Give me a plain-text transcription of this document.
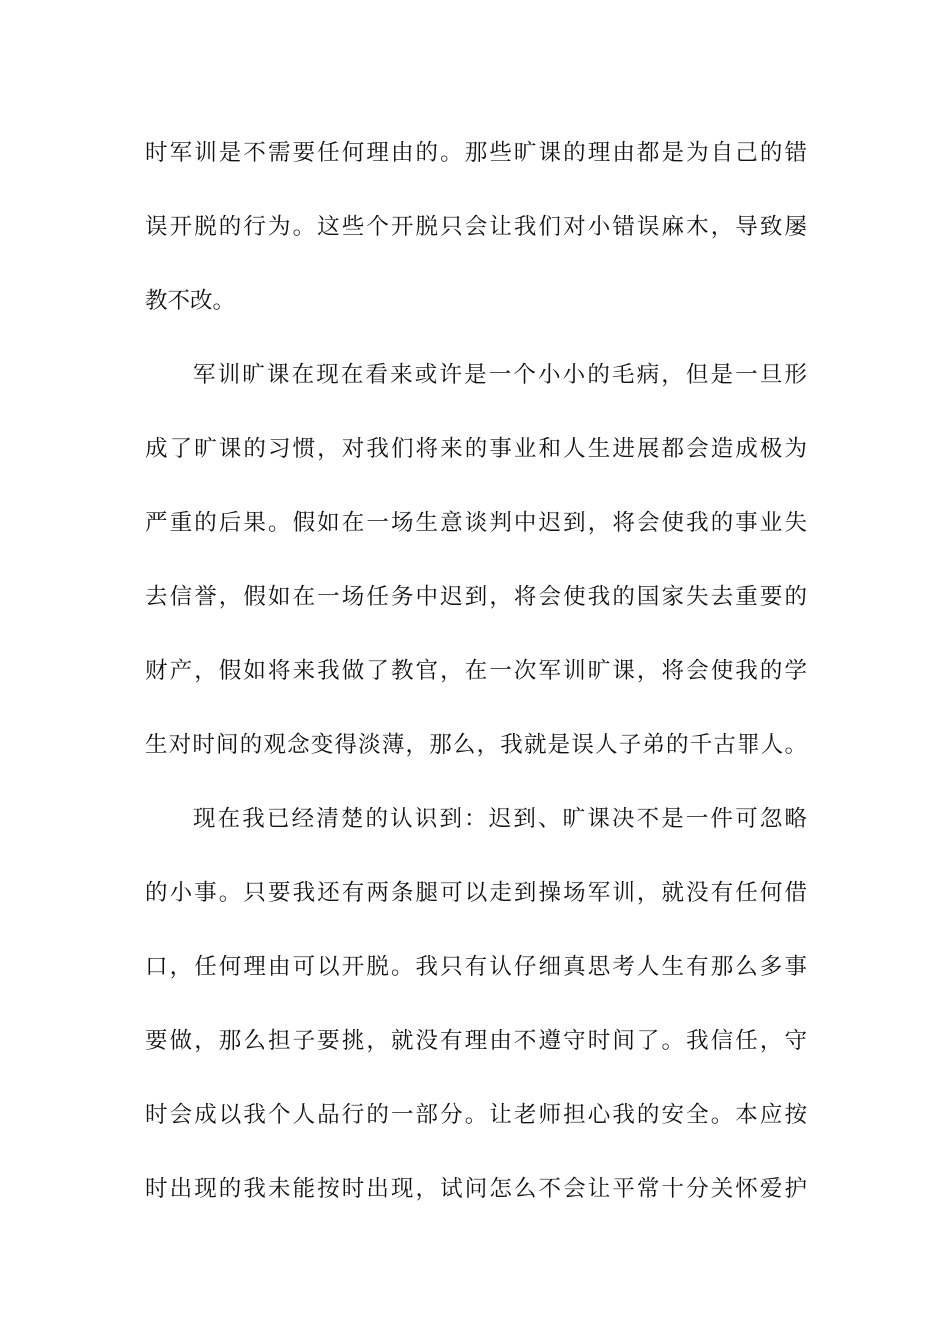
时军训是不需要任何理由的。那些旷课的理由都是为自己的错
误开脱的行为。这些个开脱只会让我们对小错误麻木，导致屡
教不改。
军训旷课在现在看来或许是一个小小的毛病，但是一旦形
成了旷课的习惯，对我们将来的事业和人生进展都会造成极为
严重的后果。假如在一场生意谈判中迟到，将会使我的事业失
去信誉，假如在一场任务中迟到，将会使我的国家失去重要的
财产，假如将来我做了教官，在一次军训旷课，将会使我的学
生对时间的观念变得淡薄，那么，我就是误人子弟的千古罪人。
现在我已经清楚的认识到：迟到、旷课决不是一件可忽略
的小事。只要我还有两条腿可以走到操场军训，就没有任何借
口，任何理由可以开脱。我只有认仔细真思考人生有那么多事
要做，那么担子要挑，就没有理由不遵守时间了。我信任，守
时会成以我个人品行的一部分。让老师担心我的安全。本应按
时出现的我未能按时出现，试问怎么不会让平常十分关怀爱护
